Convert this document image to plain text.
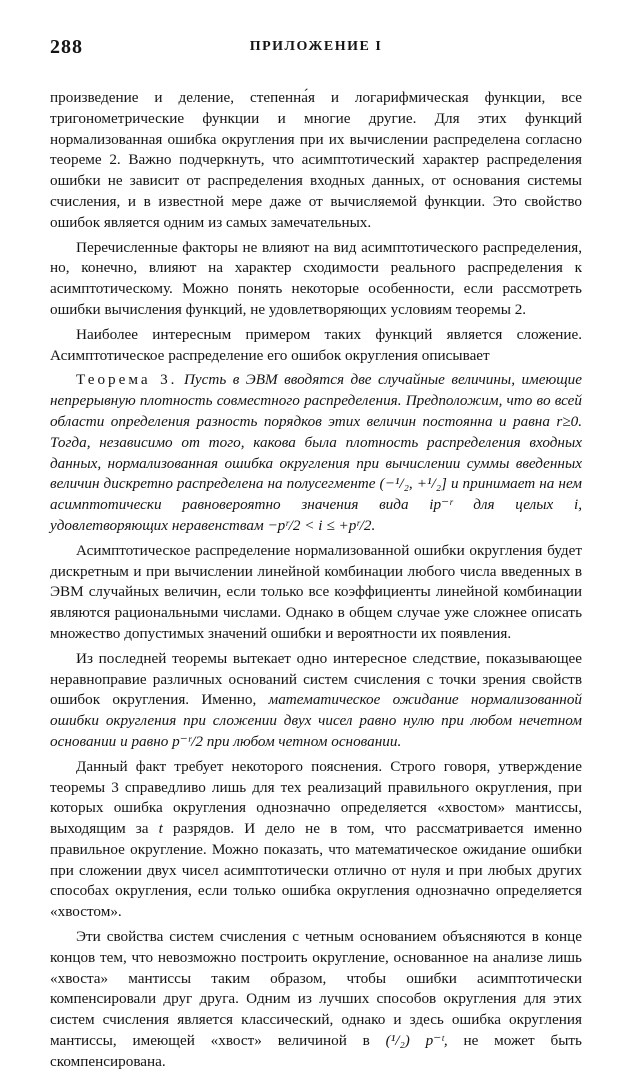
288	ПРИЛОЖЕНИЕ I

произведение и деление, степенна́я и логарифмическая функции, все тригонометрические функции и многие другие. Для этих функций нормализованная ошибка округления при их вычислении распределена согласно теореме 2. Важно подчеркнуть, что асимптотический характер распределения ошибки не зависит от распределения входных данных, от основания системы счисления, и в известной мере даже от вычисляемой функции. Это свойство ошибок является одним из самых замечательных.

Перечисленные факторы не влияют на вид асимптотического распределения, но, конечно, влияют на характер сходимости реального распределения к асимптотическому. Можно понять некоторые особенности, если рассмотреть ошибки вычисления функций, не удовлетворяющих условиям теоремы 2.

Наиболее интересным примером таких функций является сложение. Асимптотическое распределение его ошибок округления описывает

Теорема 3. Пусть в ЭВМ вводятся две случайные величины, имеющие непрерывную плотность совместного распределения. Предположим, что во всей области определения разность порядков этих величин постоянна и равна r≥0. Тогда, независимо от того, какова была плотность распределения входных данных, нормализованная ошибка округления при вычислении суммы введенных величин дискретно распределена на полусегменте (−¹/₂, +¹/₂] и принимает на нем асимптотически равновероятно значения вида ip⁻ʳ для целых i, удовлетворяющих неравенствам −pʳ/2 < i ≤ +pʳ/2.

Асимптотическое распределение нормализованной ошибки округления будет дискретным и при вычислении линейной комбинации любого числа введенных в ЭВМ случайных величин, если только все коэффициенты линейной комбинации являются рациональными числами. Однако в общем случае уже сложнее описать множество допустимых значений ошибки и вероятности их появления.

Из последней теоремы вытекает одно интересное следствие, показывающее неравноправие различных оснований систем счисления с точки зрения свойств ошибок округления. Именно, математическое ожидание нормализованной ошибки округления при сложении двух чисел равно нулю при любом нечетном основании и равно p⁻ʳ/2 при любом четном основании.

Данный факт требует некоторого пояснения. Строго говоря, утверждение теоремы 3 справедливо лишь для тех реализаций правильного округления, при которых ошибка округления однозначно определяется «хвостом» мантиссы, выходящим за t разрядов. И дело не в том, что рассматривается именно правильное округление. Можно показать, что математическое ожидание ошибки при сложении двух чисел асимптотически отлично от нуля и при любых других способах округления, если только ошибка округления однозначно определяется «хвостом».

Эти свойства систем счисления с четным основанием объясняются в конце концов тем, что невозможно построить округление, основанное на анализе лишь «хвоста» мантиссы таким образом, чтобы ошибки асимптотически компенсировали друг друга. Одним из лучших способов округления для этих систем счисления является классический, однако и здесь ошибка округления мантиссы, имеющей «хвост» величиной в (¹/₂) p⁻ᵗ, не может быть скомпенсирована.
